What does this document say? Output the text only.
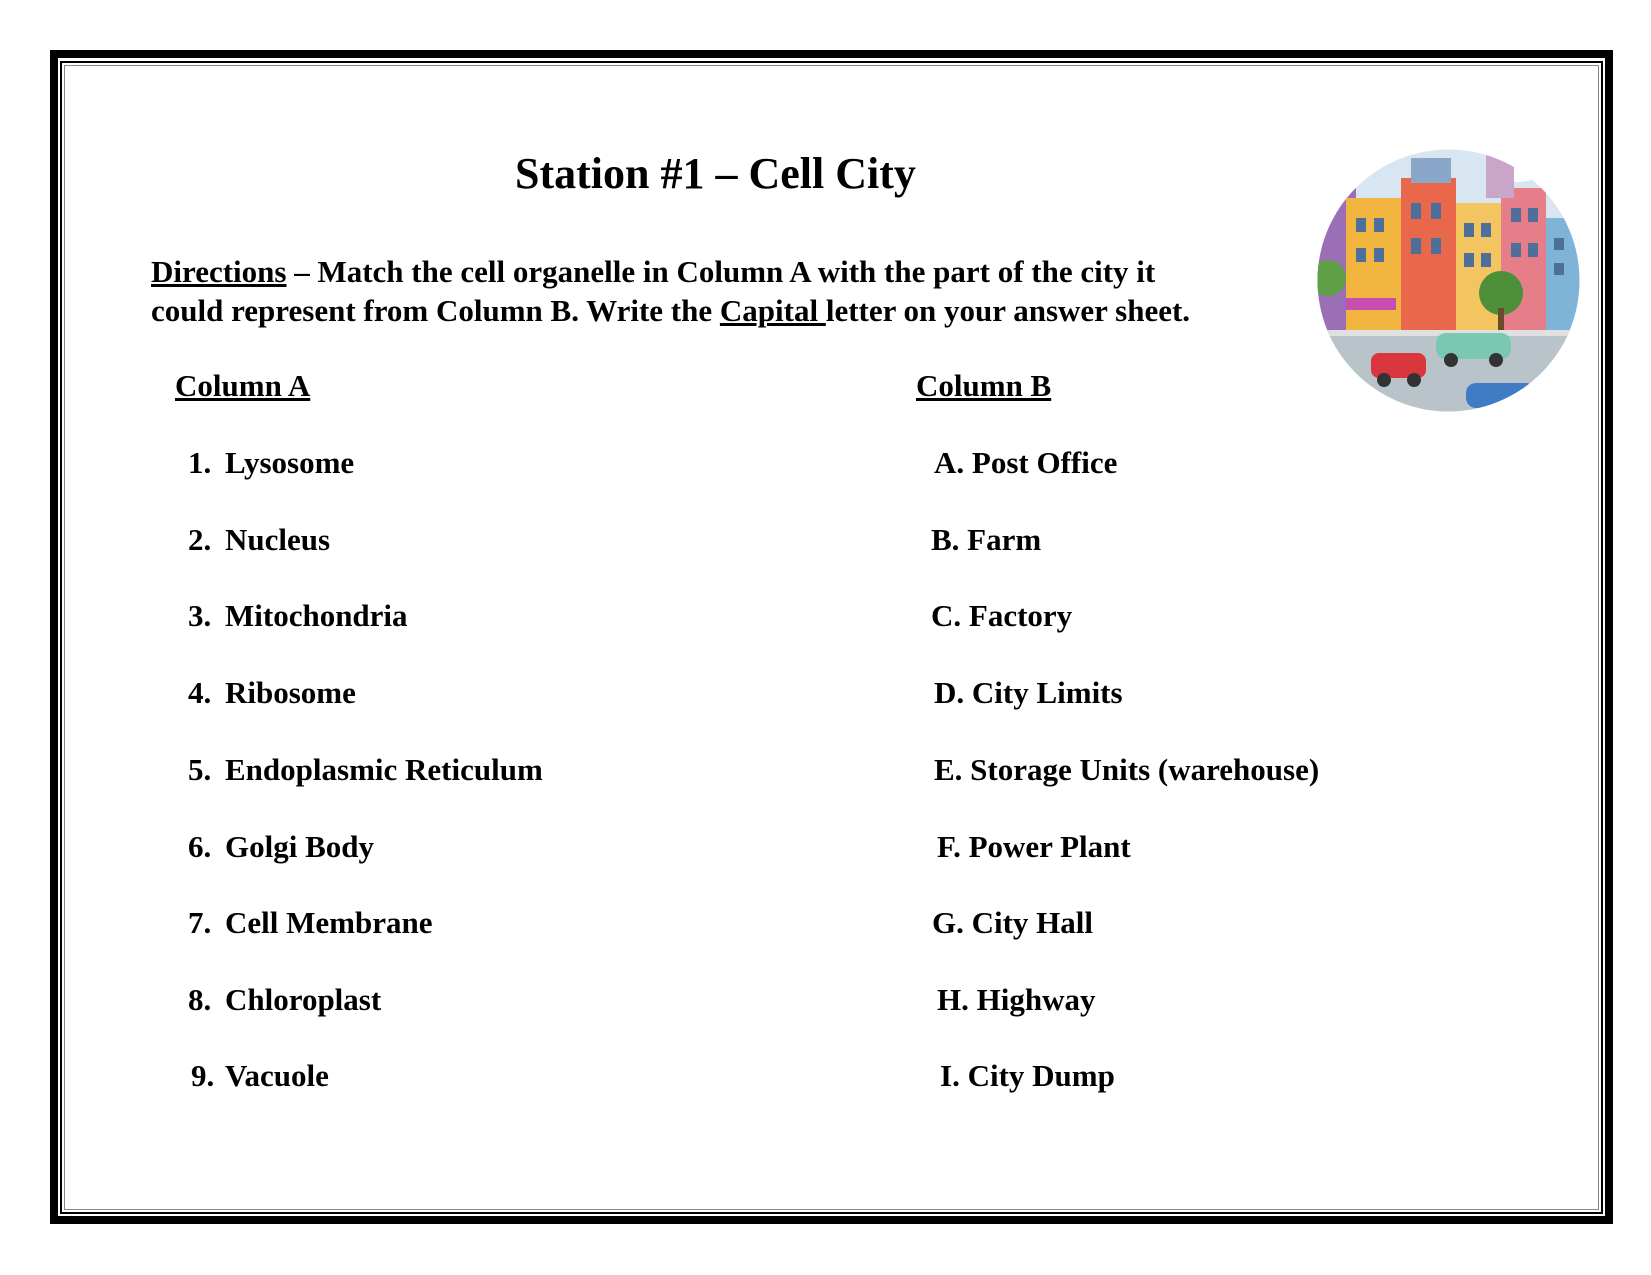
Station #1 – Cell City
Directions – Match the cell organelle in Column A with the part of the city it
could represent from Column B. Write the Capital letter on your answer sheet.
Column A	Column B
1. Lysosome
2. Nucleus
3. Mitochondria
4. Ribosome
5. Endoplasmic Reticulum
6. Golgi Body
7. Cell Membrane
8. Chloroplast
9. Vacuole
A. Post Office
B. Farm
C. Factory
D. City Limits
E. Storage Units (warehouse)
F. Power Plant
G. City Hall
H. Highway
I. City Dump
